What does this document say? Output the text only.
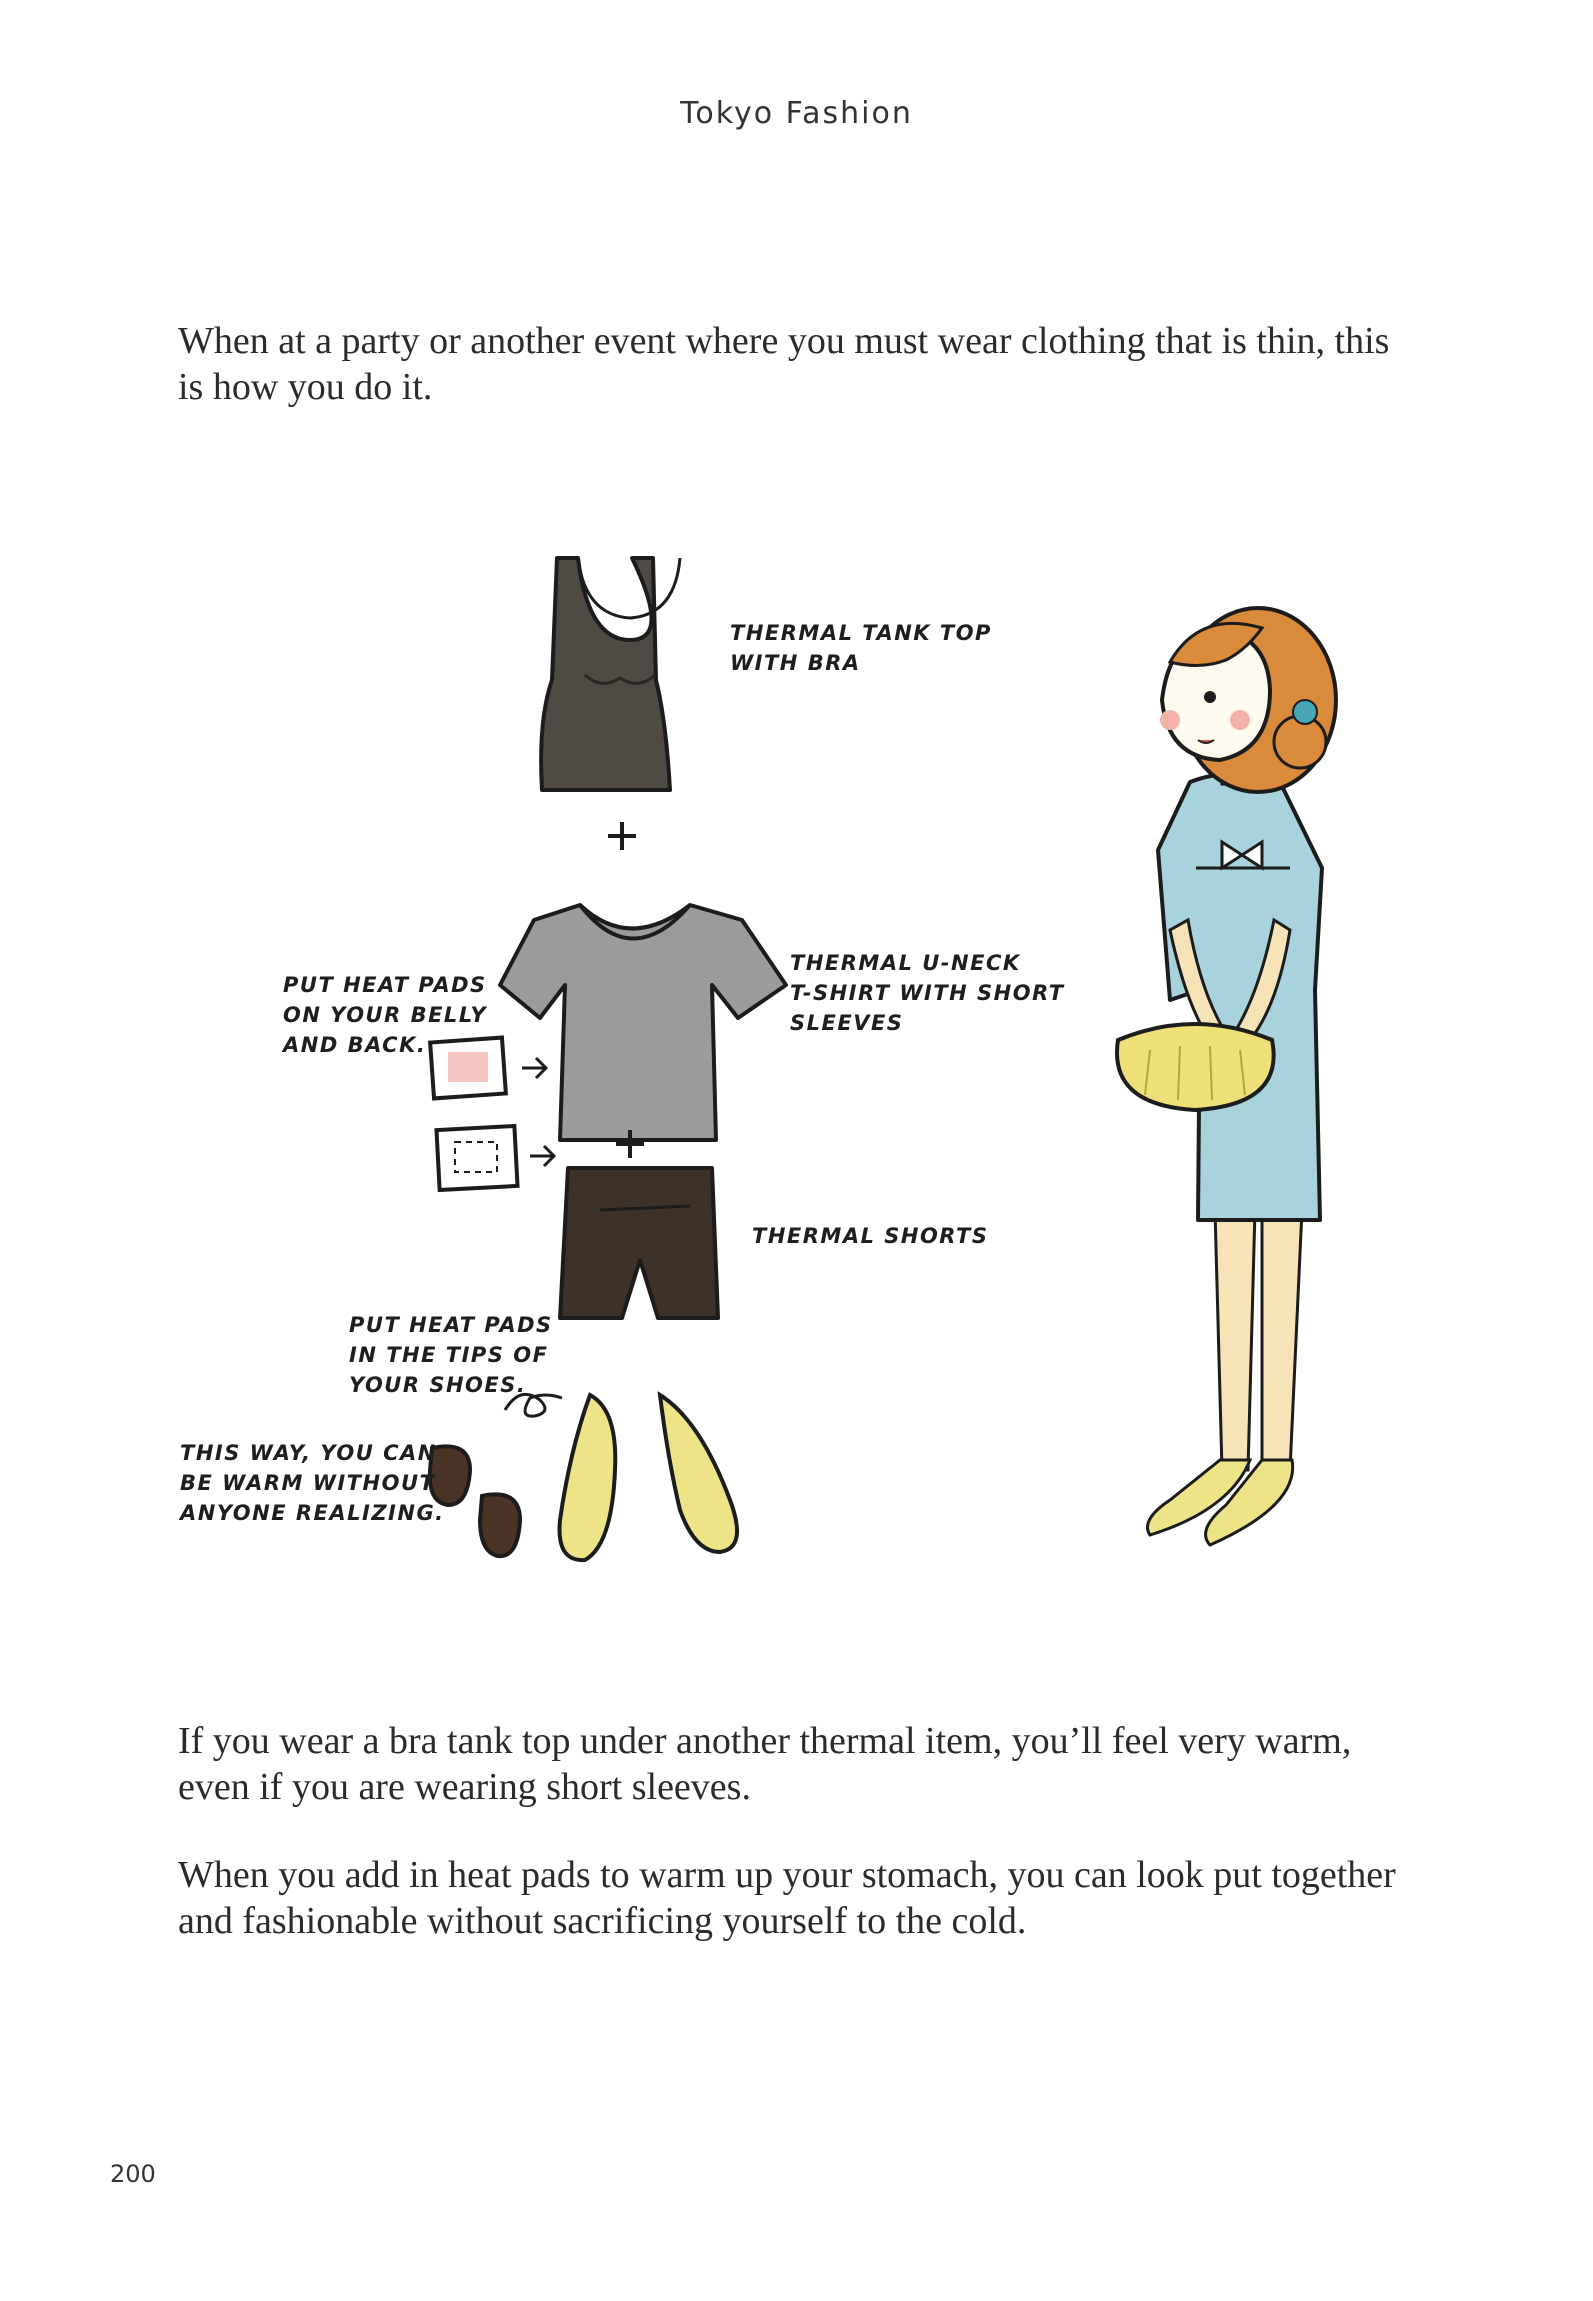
Tokyo Fashion

When at a party or another event where you must wear clothing that is thin, this is how you do it.

THERMAL TANK TOP
WITH BRA
THERMAL U-NECK
T-SHIRT WITH SHORT
SLEEVES
PUT HEAT PADS
ON YOUR BELLY
AND BACK.
THERMAL SHORTS
PUT HEAT PADS
IN THE TIPS OF
YOUR SHOES.
THIS WAY, YOU CAN
BE WARM WITHOUT
ANYONE REALIZING.

If you wear a bra tank top under another thermal item, you’ll feel very warm, even if you are wearing short sleeves.

When you add in heat pads to warm up your stomach, you can look put together and fashionable without sacrificing yourself to the cold.

200
